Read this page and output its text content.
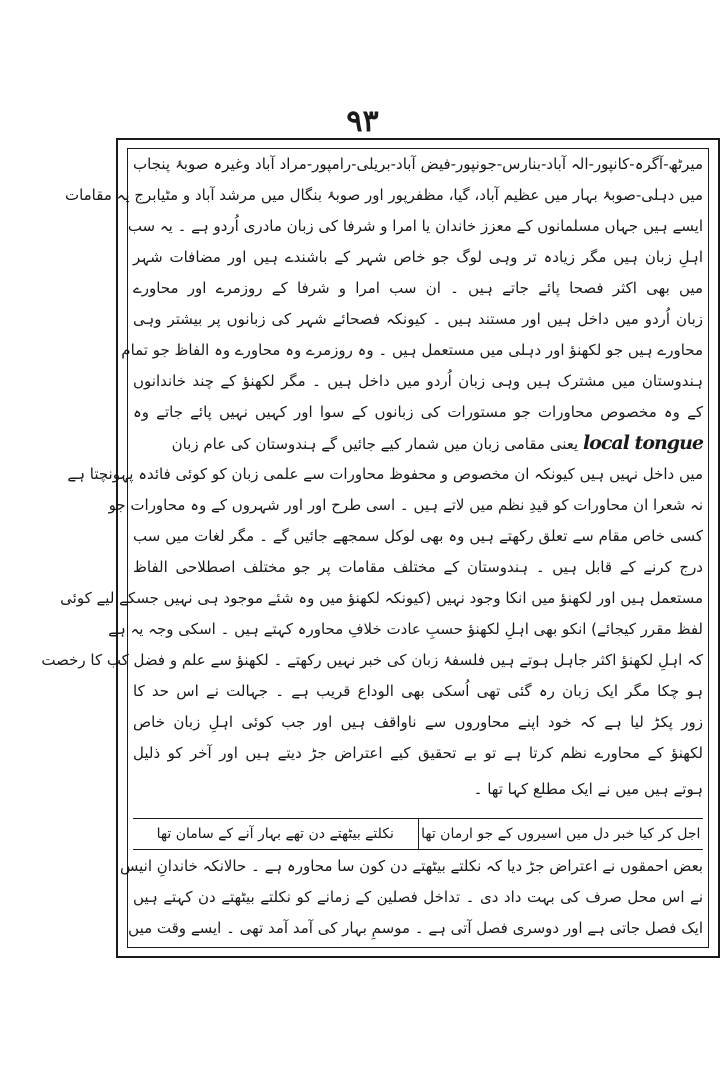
۹۳
میرٹھ-آگرہ-کانپور-الہ آباد-بنارس-جونپور-فیض آباد-بریلی-رامپور-مراد آباد وغیرہ صوبۂ پنجاب
میں دہلی-صوبۂ بہار میں عظیم آباد، گیا، مظفرپور اور صوبۂ بنگال میں مرشد آباد و مٹیابرج یہ مقامات
ایسے ہیں جہاں مسلمانوں کے معزز خاندان یا امرا و شرفا کی زبان مادری اُردو ہے ۔ یہ سب
اہلِ زبان ہیں مگر زیادہ تر وہی لوگ جو خاص شہر کے باشندے ہیں اور مضافات شہر
میں بھی اکثر فصحا پائے جاتے ہیں ۔ ان سب امرا و شرفا کے روزمرے اور محاورے
زبان اُردو میں داخل ہیں اور مستند ہیں ۔ کیونکہ فصحائے شہر کی زبانوں پر بیشتر وہی
محاورے ہیں جو لکھنؤ اور دہلی میں مستعمل ہیں ۔ وہ روزمرے وہ محاورے وہ الفاظ جو تمام
ہندوستان میں مشترک ہیں وہی زبان اُردو میں داخل ہیں ۔ مگر لکھنؤ کے چند خاندانوں
کے وہ مخصوص محاورات جو مستورات کی زبانوں کے سوا اور کہیں نہیں پائے جاتے وہ
local tongue یعنی مقامی زبان میں شمار کیے جائیں گے ہندوستان کی عام زبان
میں داخل نہیں ہیں کیونکہ ان مخصوص و محفوظ محاورات سے علمی زبان کو کوئی فائدہ پہونچتا ہے
نہ شعرا ان محاورات کو قیدِ نظم میں لاتے ہیں ۔ اسی طرح اور اور شہروں کے وہ محاورات جو
کسی خاص مقام سے تعلق رکھتے ہیں وہ بھی لوکل سمجھے جائیں گے ۔ مگر لغات میں سب
درج کرنے کے قابل ہیں ۔ ہندوستان کے مختلف مقامات پر جو مختلف اصطلاحی الفاظ
مستعمل ہیں اور لکھنؤ میں انکا وجود نہیں (کیونکہ لکھنؤ میں وہ شئے موجود ہی نہیں جسکے لیے کوئی
لفظ مقرر کیجائے) انکو بھی اہلِ لکھنؤ حسبِ عادت خلافِ محاورہ کہتے ہیں ۔ اسکی وجہ یہ ہے
کہ اہلِ لکھنؤ اکثر جاہل ہوتے ہیں فلسفۂ زبان کی خبر نہیں رکھتے ۔ لکھنؤ سے علم و فضل کب کا رخصت
ہو چکا مگر ایک زبان رہ گئی تھی اُسکی بھی الوداع قریب ہے ۔ جہالت نے اس حد کا
زور پکڑ لیا ہے کہ خود اپنے محاوروں سے ناواقف ہیں اور جب کوئی اہلِ زبان خاص
لکھنؤ کے محاورے نظم کرتا ہے تو بے تحقیق کیے اعتراض جڑ دیتے ہیں اور آخر کو ذلیل
ہوتے ہیں میں نے ایک مطلع کہا تھا ۔
اجل کر کیا خبر دل میں اسیروں کے جو ارمان تھا
نکلتے بیٹھتے دن تھے بہار آنے کے سامان تھا
بعض احمقوں نے اعتراض جڑ دیا کہ نکلتے بیٹھتے دن کون سا محاورہ ہے ۔ حالانکہ خاندانِ انیس
نے اس محل صرف کی بہت داد دی ۔ تداخل فصلین کے زمانے کو نکلتے بیٹھتے دن کہتے ہیں
ایک فصل جاتی ہے اور دوسری فصل آتی ہے ۔ موسمِ بہار کی آمد آمد تھی ۔ ایسے وقت میں
